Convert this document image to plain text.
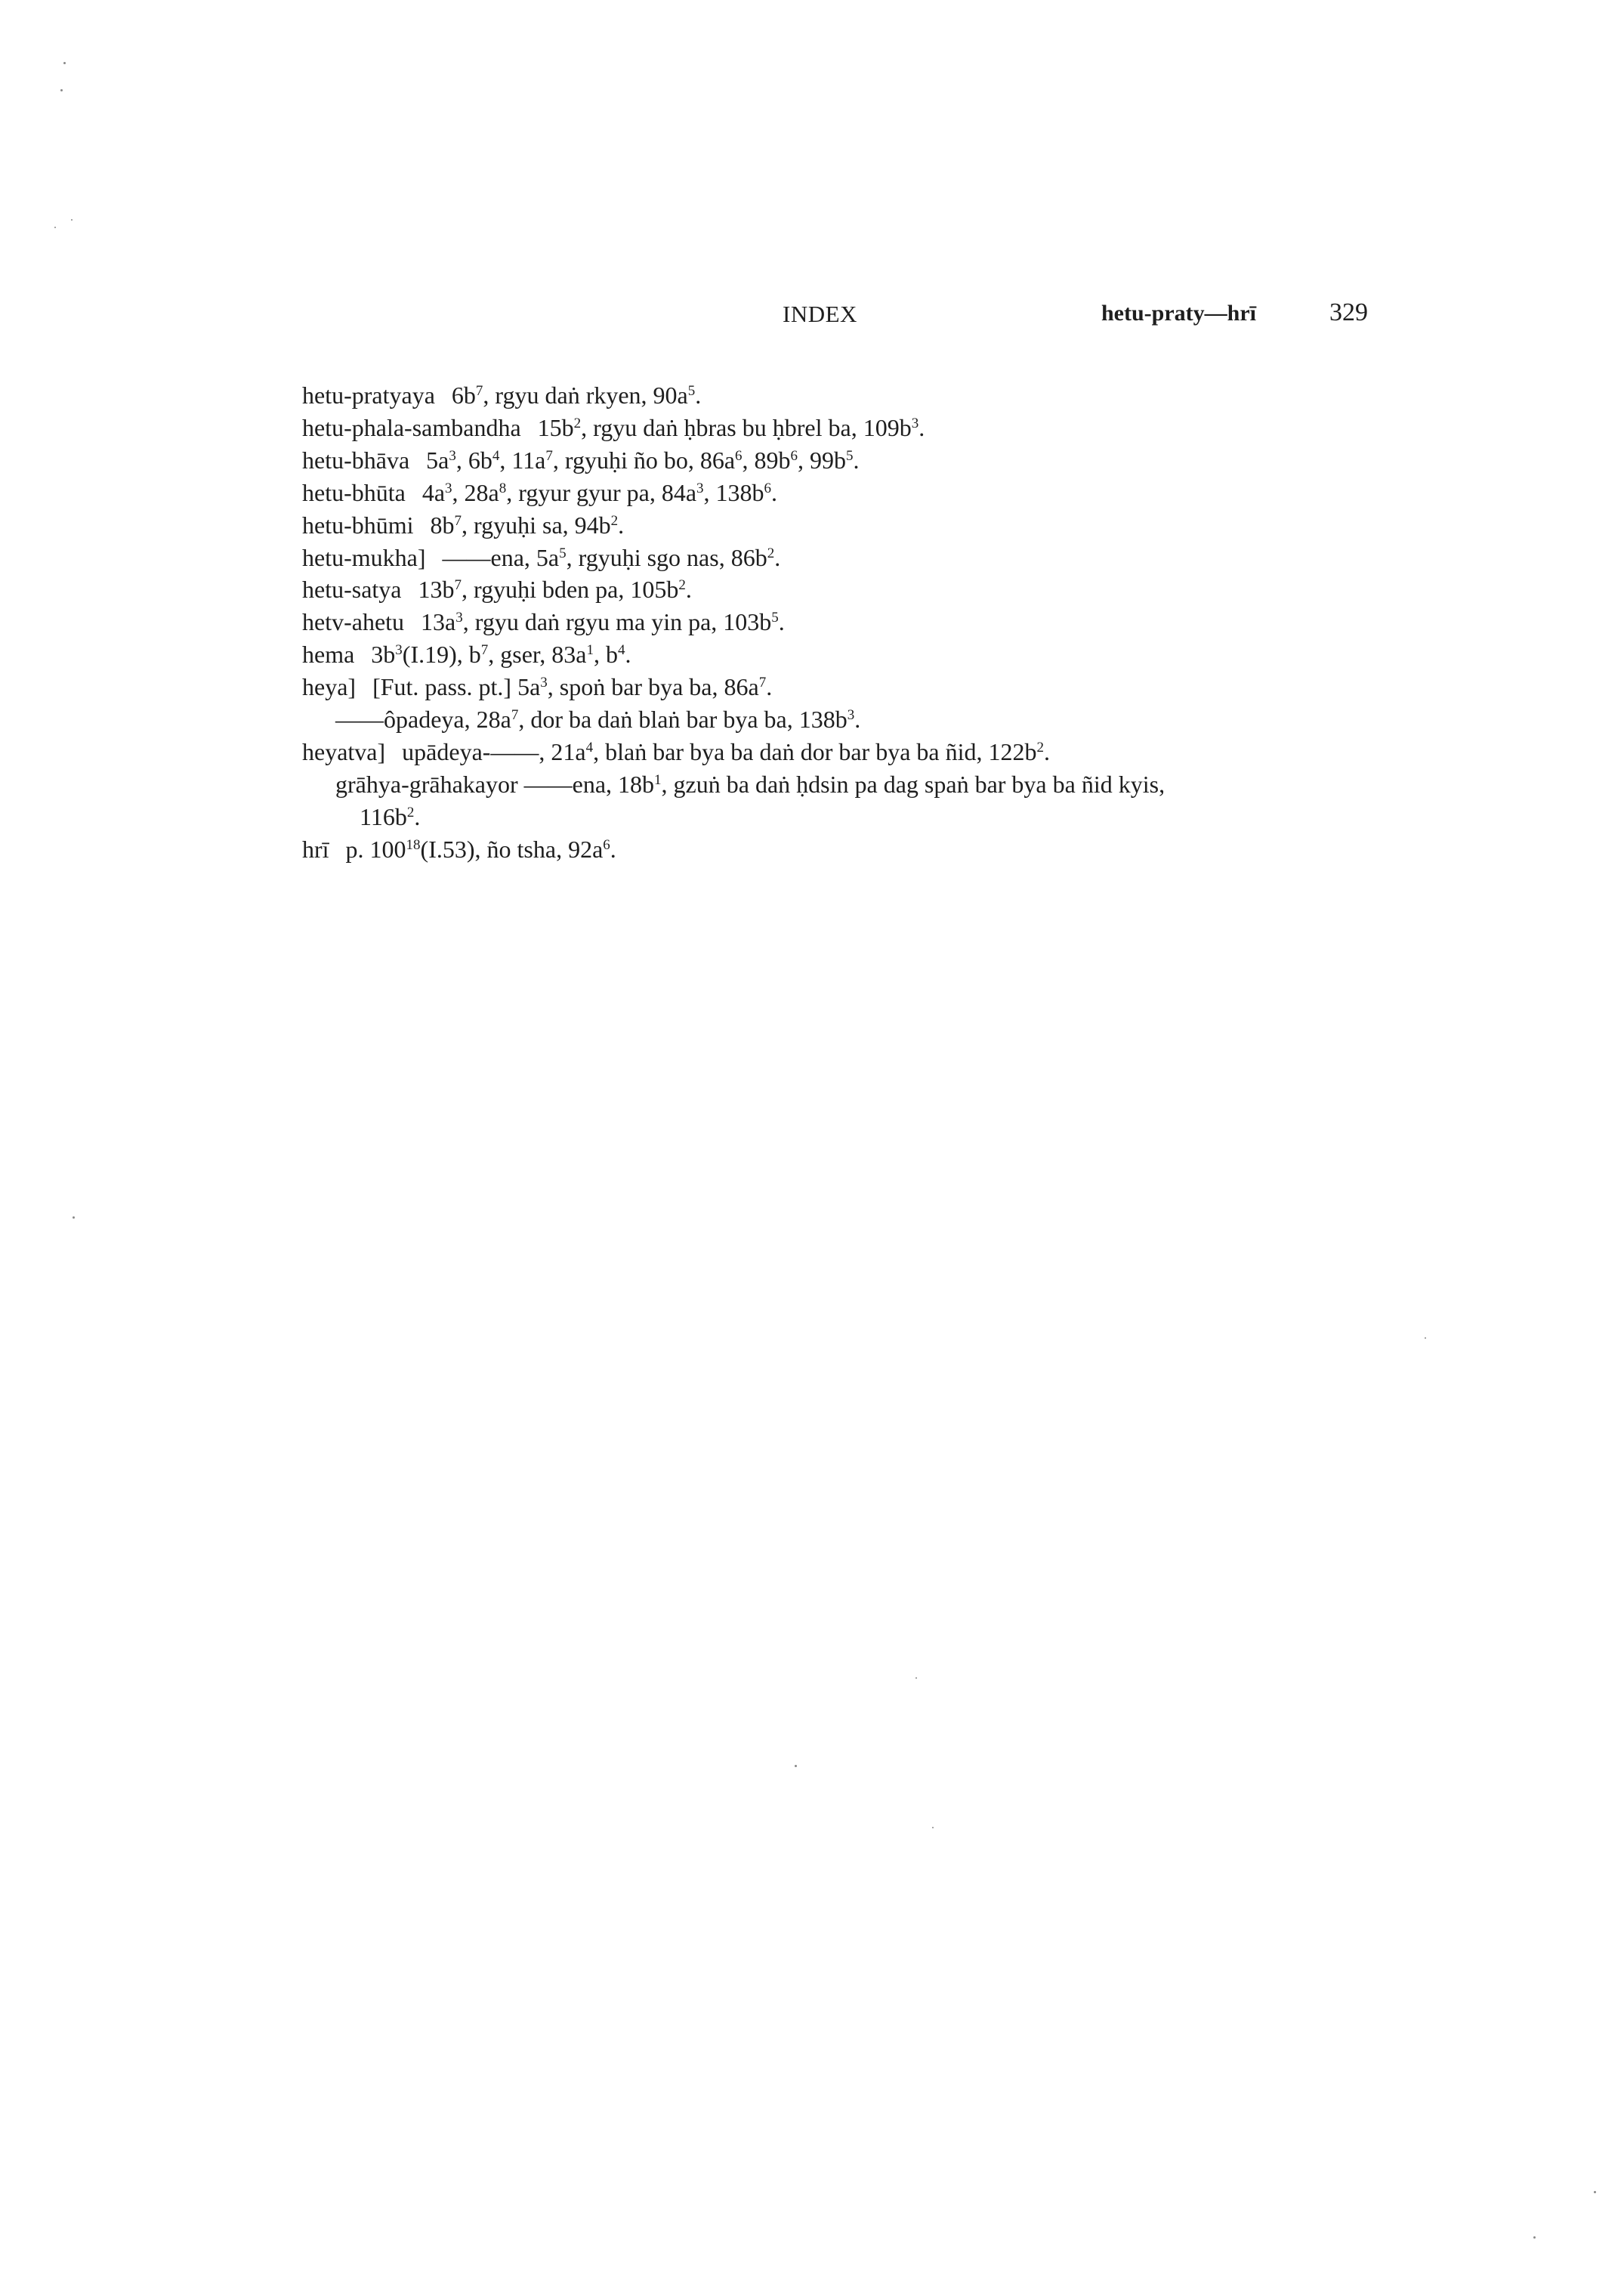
INDEX	hetu-praty—hrī	329
hetu-pratyaya $6b^7$, rgyu daṅ rkyen, $90a^5$.
hetu-phala-sambandha $15b^2$, rgyu daṅ ḥbras bu ḥbrel ba, $109b^3$.
hetu-bhāva $5a^3$, $6b^4$, $11a^7$, rgyuḥi ño bo, $86a^6$, $89b^6$, $99b^5$.
hetu-bhūta $4a^3$, $28a^8$, rgyur gyur pa, $84a^3$, $138b^6$.
hetu-bhūmi $8b^7$, rgyuḥi sa, $94b^2$.
hetu-mukha] ——ena, $5a^5$, rgyuḥi sgo nas, $86b^2$.
hetu-satya $13b^7$, rgyuḥi bden pa, $105b^2$.
hetv-ahetu $13a^3$, rgyu daṅ rgyu ma yin pa, $103b^5$.
hema $3b^3(I.19)$, $b^7$, gser, $83a^1$, $b^4$.
heya] [Fut. pass. pt.] $5a^3$, spoṅ bar bya ba, $86a^7$.
——ôpadeya, $28a^7$, dor ba daṅ blaṅ bar bya ba, $138b^3$.
heyatva] upādeya-——, $21a^4$, blaṅ bar bya ba daṅ dor bar bya ba ñid, $122b^2$.
grāhya-grāhakayor ——ena, $18b^1$, gzuṅ ba daṅ ḥdsin pa dag spaṅ bar bya ba ñid kyis,
$116b^2$.
hrī p. $100^{18}(I.53)$, ño tsha, $92a^6$.
